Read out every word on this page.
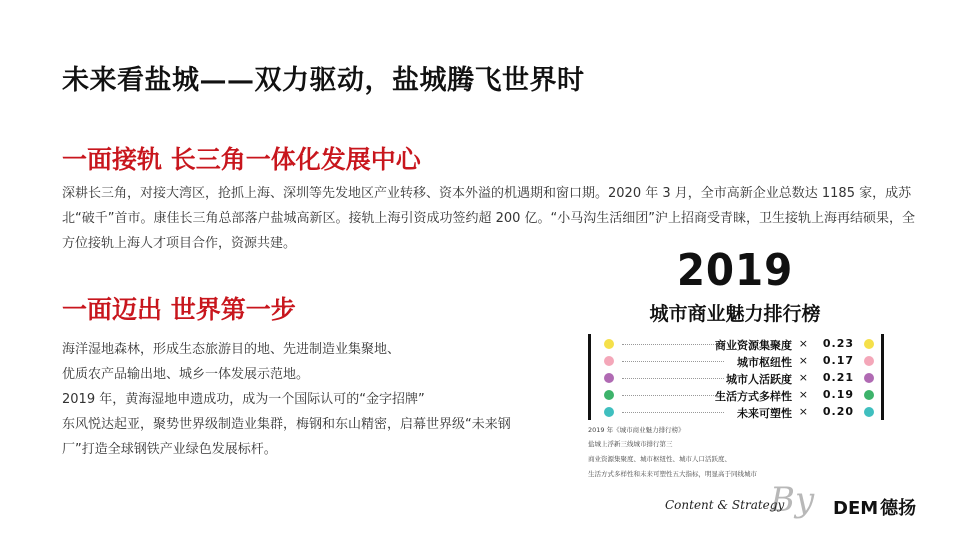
未来看盐城——双力驱动，盐城腾飞世界时
一面接轨 长三角一体化发展中心

深耕长三角，对接大湾区，抢抓上海、深圳等先发地区产业转移、资本外溢的机遇期和窗口期。2020 年 3 月，全市高新企业总数达 1185 家，成苏北“破千”首市。康佳长三角总部落户盐城高新区。接轨上海引资成功签约超 200 亿。“小马沟生活细团”沪上招商受青睐，卫生接轨上海再结硕果，全方位接轨上海人才项目合作，资源共建。

一面迈出 世界第一步

海洋湿地森林，形成生态旅游目的地、先进制造业集聚地、

优质农产品输出地、城乡一体发展示范地。

2019 年，黄海湿地申遗成功，成为一个国际认可的“金字招牌”

东风悦达起亚，聚势世界级制造业集群，梅钢和东山精密，启幕世界级“未来钢厂”打造全球钢铁产业绿色发展标杆。

2019
城市商业魅力排行榜
商业资源集聚度 × 0.23
城市枢纽性 × 0.17
城市人活跃度 × 0.21
生活方式多样性 × 0.19
未来可塑性 × 0.20
2019 年《城市商业魅力排行榜》
盐城上浮新三线城市排行第三
商业资源集聚度、城市枢纽性、城市人口活跃度、
生活方式多样性和未来可塑性五大指标，明显高于同线城市
By
Content & Strategy	DEM 德扬
